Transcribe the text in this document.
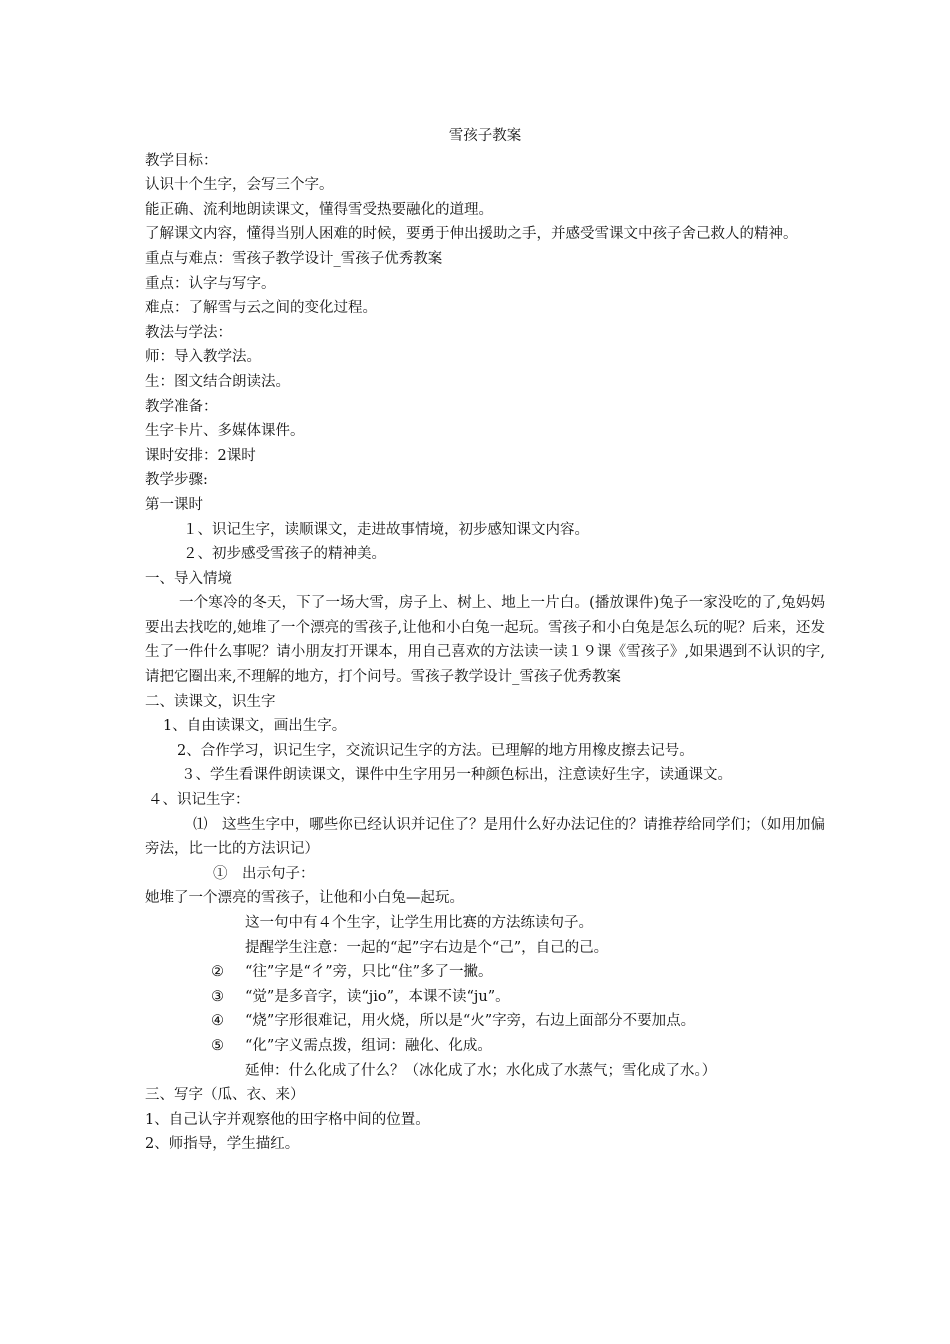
雪孩子教案

教学目标：

认识十个生字，会写三个字。

能正确、流利地朗读课文，懂得雪受热要融化的道理。

了解课文内容，懂得当别人困难的时候，要勇于伸出援助之手，并感受雪课文中孩子舍己救人的精神。

重点与难点：雪孩子教学设计_雪孩子优秀教案

重点：认字与写字。

难点：了解雪与云之间的变化过程。

教法与学法：

师：导入教学法。

生：图文结合朗读法。

教学准备：

生字卡片、多媒体课件。

课时安排：2课时

教学步骤:

第一课时

１、识记生字，读顺课文，走进故事情境，初步感知课文内容。

２、初步感受雪孩子的精神美。

一、导入情境

一个寒冷的冬天，下了一场大雪，房子上、树上、地上一片白。(播放课件)兔子一家没吃的了,兔妈妈要出去找吃的,她堆了一个漂亮的雪孩子,让他和小白兔一起玩。雪孩子和小白兔是怎么玩的呢？后来，还发生了一件什么事呢？请小朋友打开课本，用自己喜欢的方法读一读１９课《雪孩子》,如果遇到不认识的字,请把它圈出来,不理解的地方，打个问号。雪孩子教学设计_雪孩子优秀教案

二、读课文，识生字

1、自由读课文，画出生字。

2、合作学习，识记生字，交流识记生字的方法。已理解的地方用橡皮擦去记号。

３、学生看课件朗读课文，课件中生字用另一种颜色标出，注意读好生字，读通课文。

４、识记生字：

⑴　这些生字中，哪些你已经认识并记住了？是用什么好办法记住的？请推荐给同学们；（如用加偏旁法，比一比的方法识记）

①　出示句子：

她堆了一个漂亮的雪孩子，让他和小白兔—起玩。

这一句中有４个生字，让学生用比赛的方法练读句子。

提醒学生注意：一起的“起”字右边是个“己”，自己的己。

② “往”字是“彳”旁，只比“住”多了一撇。

③ “觉”是多音字，读“jio”，本课不读“ju”。

④ “烧”字形很难记，用火烧，所以是“火”字旁，右边上面部分不要加点。

⑤ “化”字义需点拨，组词：融化、化成。

延伸：什么化成了什么？（冰化成了水；水化成了水蒸气；雪化成了水。）

三、写字（瓜、衣、来）

1、自己认字并观察他的田字格中间的位置。

2、师指导，学生描红。
